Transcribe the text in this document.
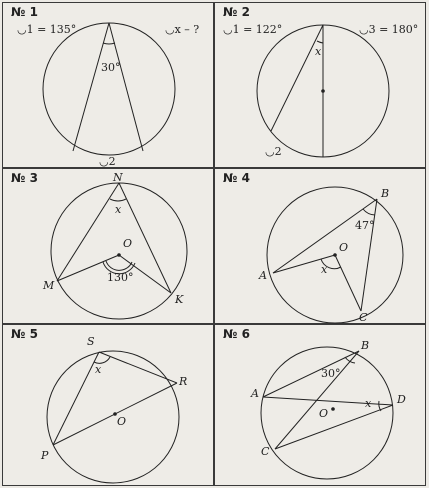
№ 1
◡1 = 135°	◡x – ?
30°
◡2
№ 2
◡1 = 122°	◡3 = 180°
x
◡2
№ 3	N
x
O
M
130°
K
№ 4
B
47°
O
A	x
C
№ 5
S
x
R
O
P
№ 6
B
30°
A
O
x D
C
